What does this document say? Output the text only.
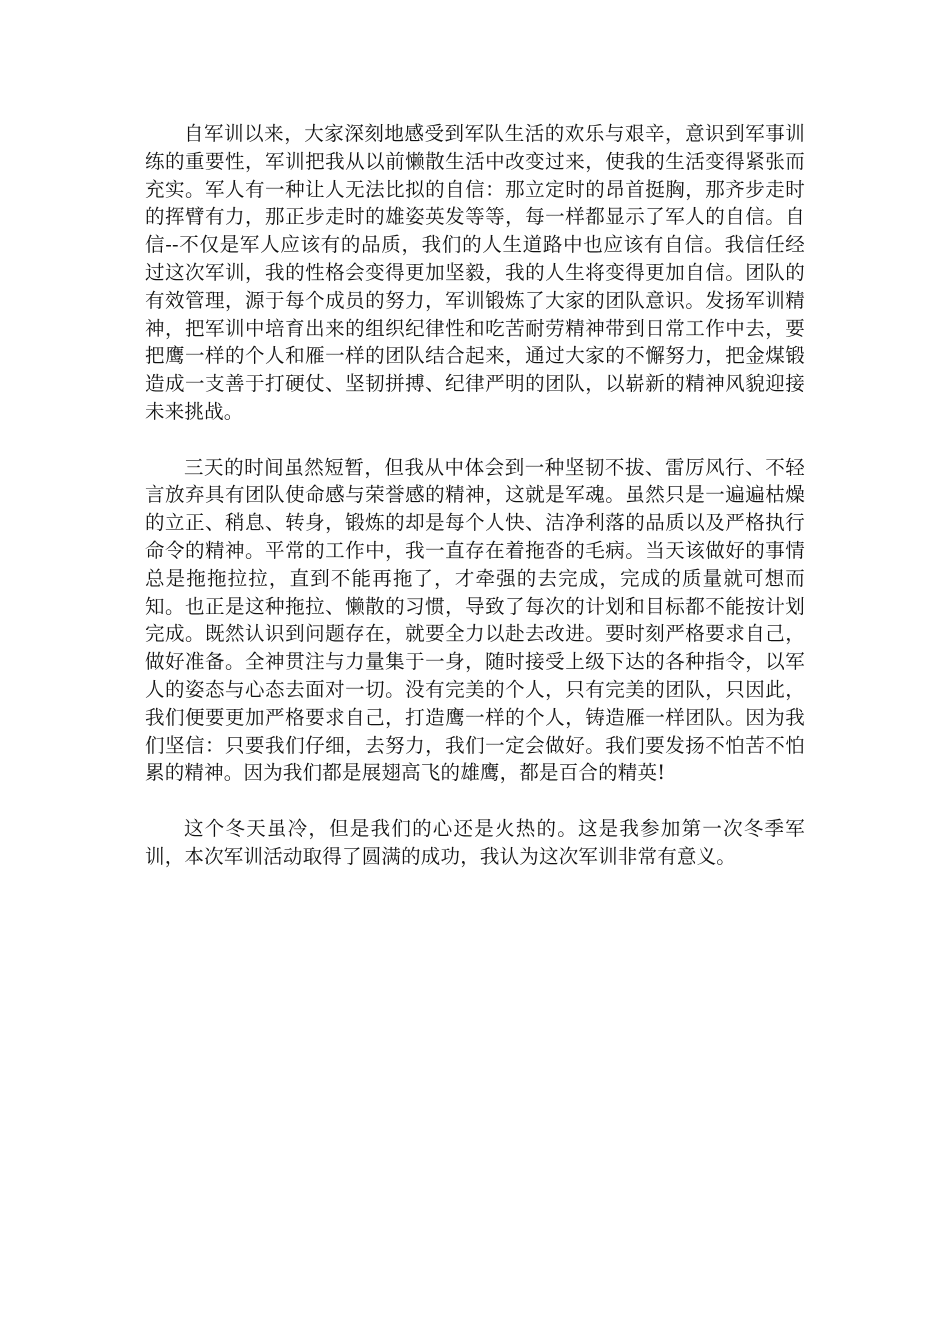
自军训以来，大家深刻地感受到军队生活的欢乐与艰辛，意识到军事训练的重要性，军训把我从以前懒散生活中改变过来，使我的生活变得紧张而充实。军人有一种让人无法比拟的自信：那立定时的昂首挺胸，那齐步走时的挥臂有力，那正步走时的雄姿英发等等，每一样都显示了军人的自信。自信--不仅是军人应该有的品质，我们的人生道路中也应该有自信。我信任经过这次军训，我的性格会变得更加坚毅，我的人生将变得更加自信。团队的有效管理，源于每个成员的努力，军训锻炼了大家的团队意识。发扬军训精神，把军训中培育出来的组织纪律性和吃苦耐劳精神带到日常工作中去，要把鹰一样的个人和雁一样的团队结合起来，通过大家的不懈努力，把金煤锻造成一支善于打硬仗、坚韧拼搏、纪律严明的团队，以崭新的精神风貌迎接未来挑战。

三天的时间虽然短暂，但我从中体会到一种坚韧不拔、雷厉风行、不轻言放弃具有团队使命感与荣誉感的精神，这就是军魂。虽然只是一遍遍枯燥的立正、稍息、转身，锻炼的却是每个人快、洁净利落的品质以及严格执行命令的精神。平常的工作中，我一直存在着拖沓的毛病。当天该做好的事情总是拖拖拉拉，直到不能再拖了，才牵强的去完成，完成的质量就可想而知。也正是这种拖拉、懒散的习惯，导致了每次的计划和目标都不能按计划完成。既然认识到问题存在，就要全力以赴去改进。要时刻严格要求自己，做好准备。全神贯注与力量集于一身，随时接受上级下达的各种指令，以军人的姿态与心态去面对一切。没有完美的个人，只有完美的团队，只因此，我们便要更加严格要求自己，打造鹰一样的个人，铸造雁一样团队。因为我们坚信：只要我们仔细，去努力，我们一定会做好。我们要发扬不怕苦不怕累的精神。因为我们都是展翅高飞的雄鹰，都是百合的精英!

这个冬天虽冷，但是我们的心还是火热的。这是我参加第一次冬季军训，本次军训活动取得了圆满的成功，我认为这次军训非常有意义。
